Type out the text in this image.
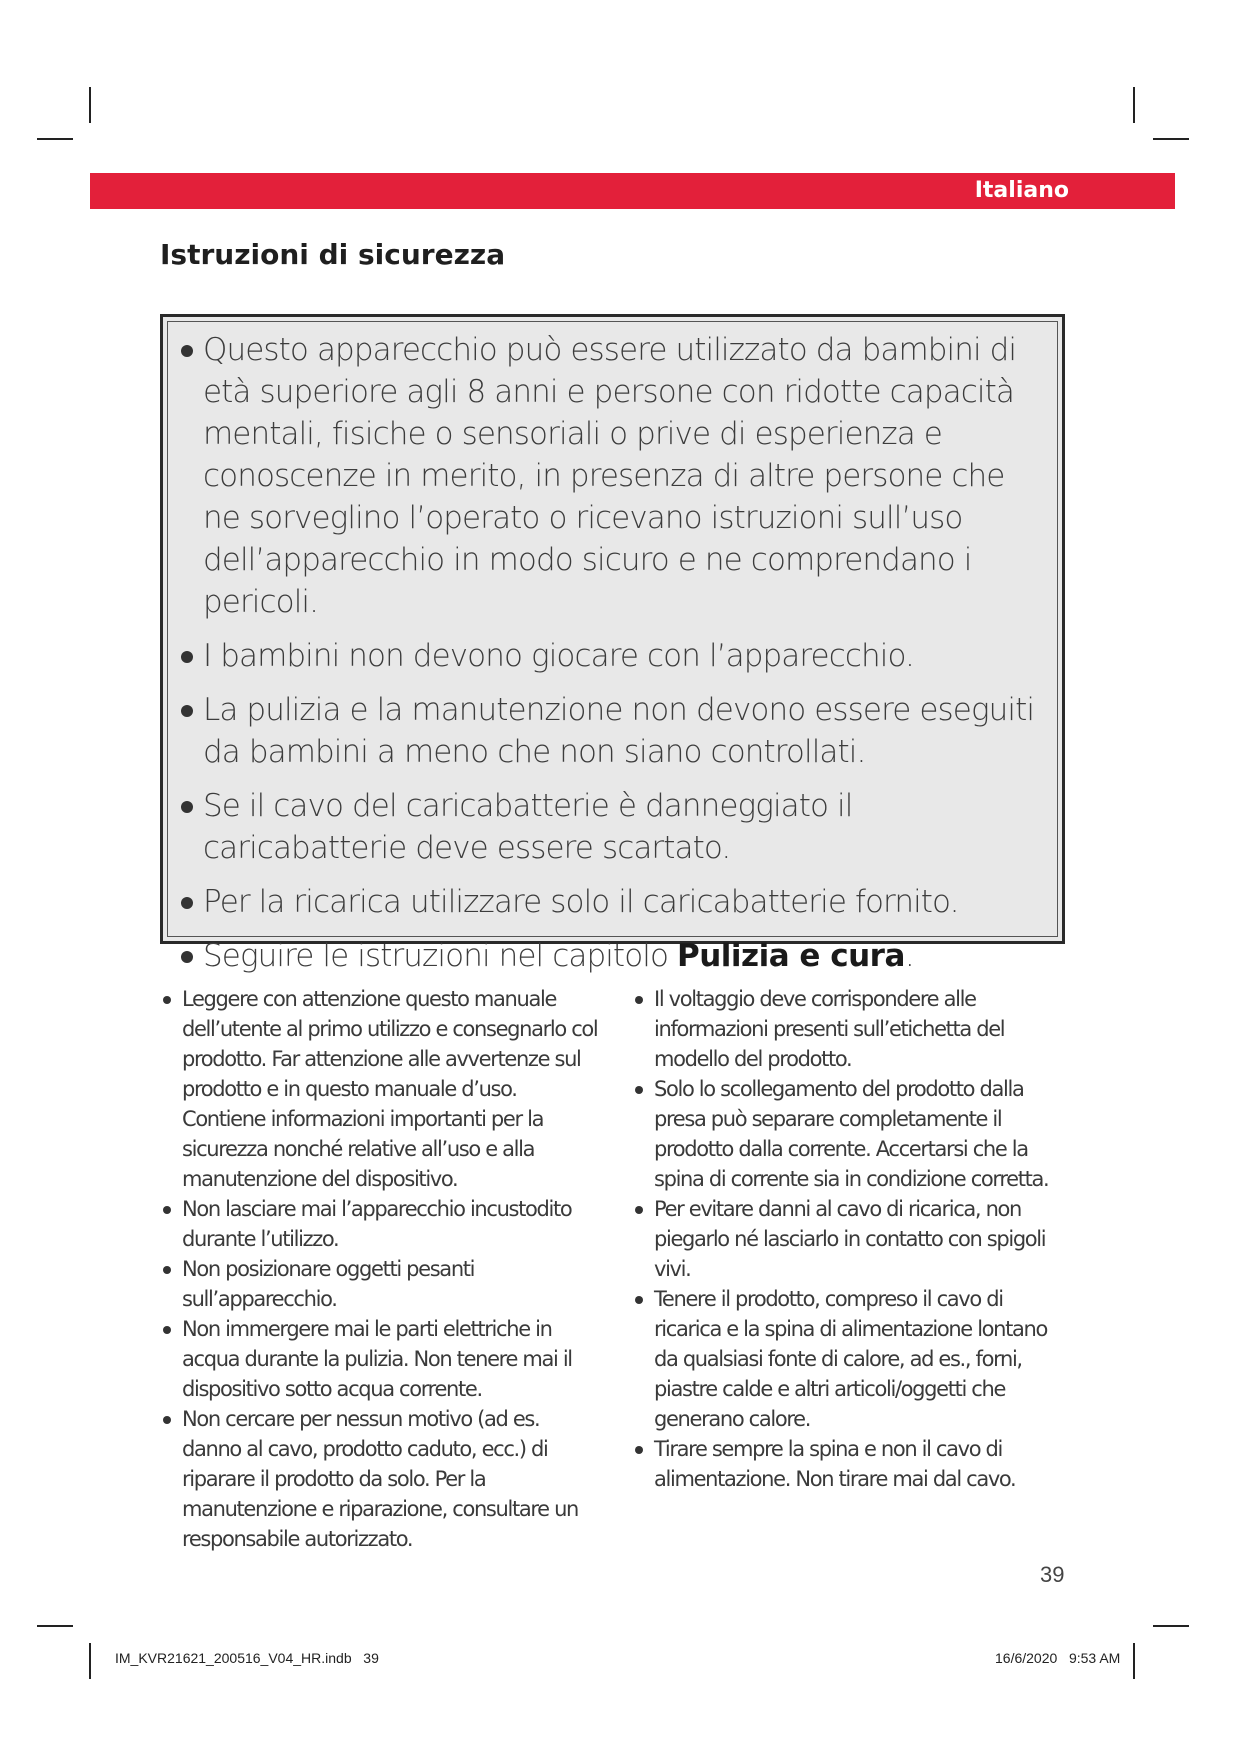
Italiano
Istruzioni di sicurezza
Questo apparecchio può essere utilizzato da bambini di età superiore agli 8 anni e persone con ridotte capacità mentali, fisiche o sensoriali o prive di esperienza e conoscenze in merito, in presenza di altre persone che ne sorveglino l’operato o ricevano istruzioni sull’uso dell’apparecchio in modo sicuro e ne comprendano i pericoli.
I bambini non devono giocare con l’apparecchio.
La pulizia e la manutenzione non devono essere eseguiti da bambini a meno che non siano controllati.
Se il cavo del caricabatterie è danneggiato il caricabatterie deve essere scartato.
Per la ricarica utilizzare solo il caricabatterie fornito.
Seguire le istruzioni nel capitolo Pulizia e cura.
Leggere con attenzione questo manuale dell’utente al primo utilizzo e consegnarlo col prodotto. Far attenzione alle avvertenze sul prodotto e in questo manuale d’uso. Contiene informazioni importanti per la sicurezza nonché relative all’uso e alla manutenzione del dispositivo.
Non lasciare mai l’apparecchio incustodito durante l’utilizzo.
Non posizionare oggetti pesanti sull’apparecchio.
Non immergere mai le parti elettriche in acqua durante la pulizia. Non tenere mai il dispositivo sotto acqua corrente.
Non cercare per nessun motivo (ad es. danno al cavo, prodotto caduto, ecc.) di riparare il prodotto da solo. Per la manutenzione e riparazione, consultare un responsabile autorizzato.
Il voltaggio deve corrispondere alle informazioni presenti sull’etichetta del modello del prodotto.
Solo lo scollegamento del prodotto dalla presa può separare completamente il prodotto dalla corrente. Accertarsi che la spina di corrente sia in condizione corretta.
Per evitare danni al cavo di ricarica, non piegarlo né lasciarlo in contatto con spigoli vivi.
Tenere il prodotto, compreso il cavo di ricarica e la spina di alimentazione lontano da qualsiasi fonte di calore, ad es., forni, piastre calde e altri articoli/oggetti che generano calore.
Tirare sempre la spina e non il cavo di alimentazione. Non tirare mai dal cavo.
39
IM_KVR21621_200516_V04_HR.indb   39	16/6/2020   9:53 AM
